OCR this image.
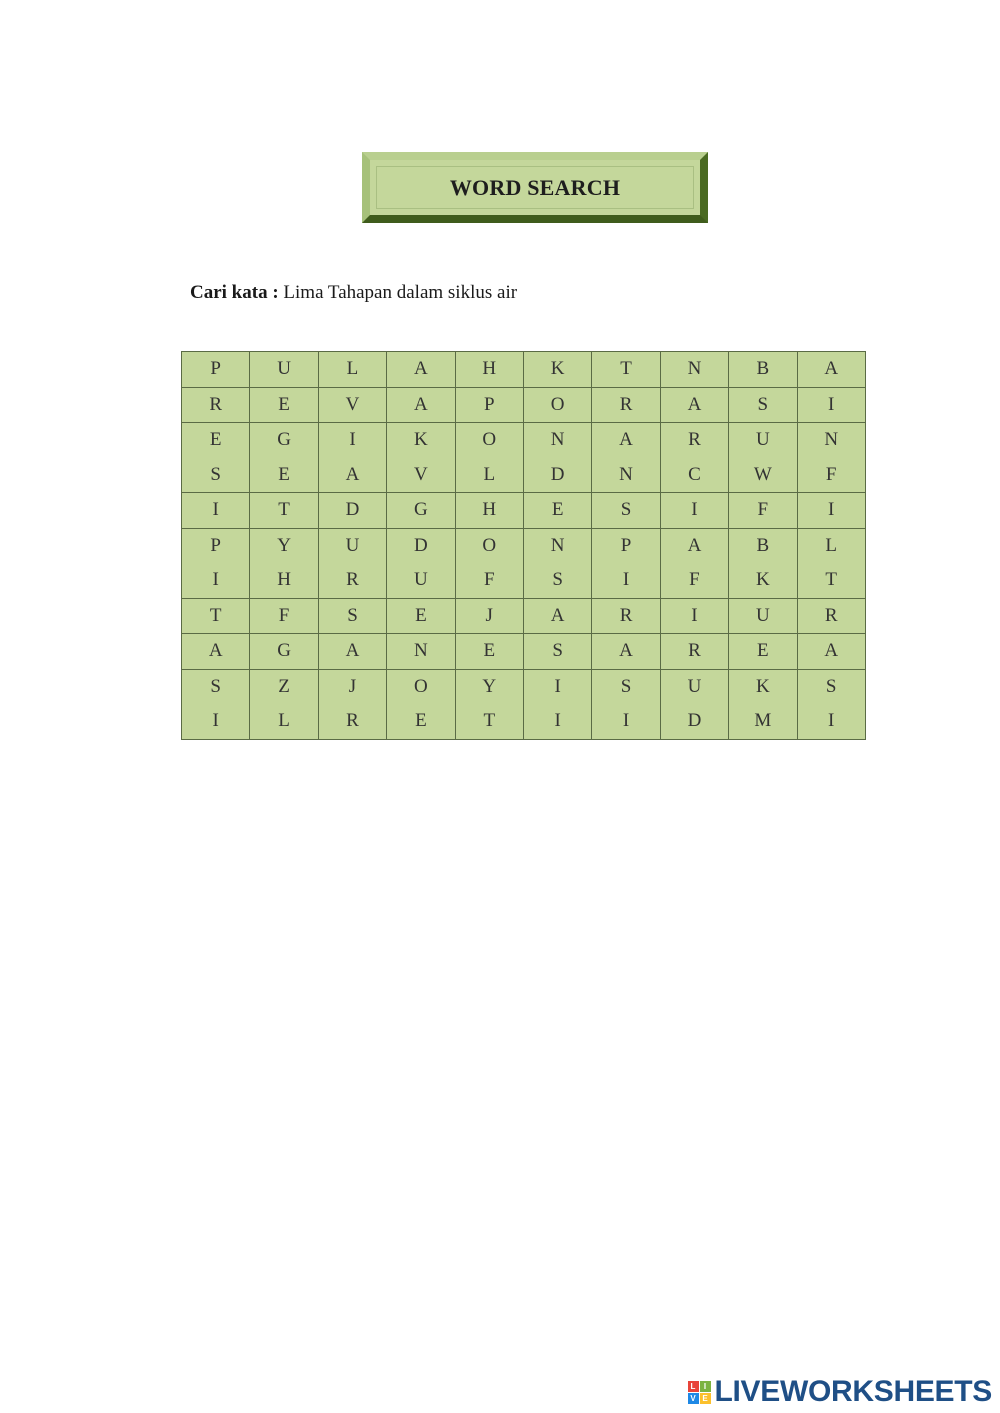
WORD SEARCH
Cari kata : Lima Tahapan dalam siklus air
P	U	L	A	H	K	T	N	B	A
R	E	V	A	P	O	R	A	S	I
E	G	I	K	O	N	A	R	U	N
S	E	A	V	L	D	N	C	W	F
I	T	D	G	H	E	S	I	F	I
P	Y	U	D	O	N	P	A	B	L
I	H	R	U	F	S	I	F	K	T
T	F	S	E	J	A	R	I	U	R
A	G	A	N	E	S	A	R	E	A
S	Z	J	O	Y	I	S	U	K	S
I	L	R	E	T	I	I	D	M	I
L	I
V E LIVEWORKSHEETS
